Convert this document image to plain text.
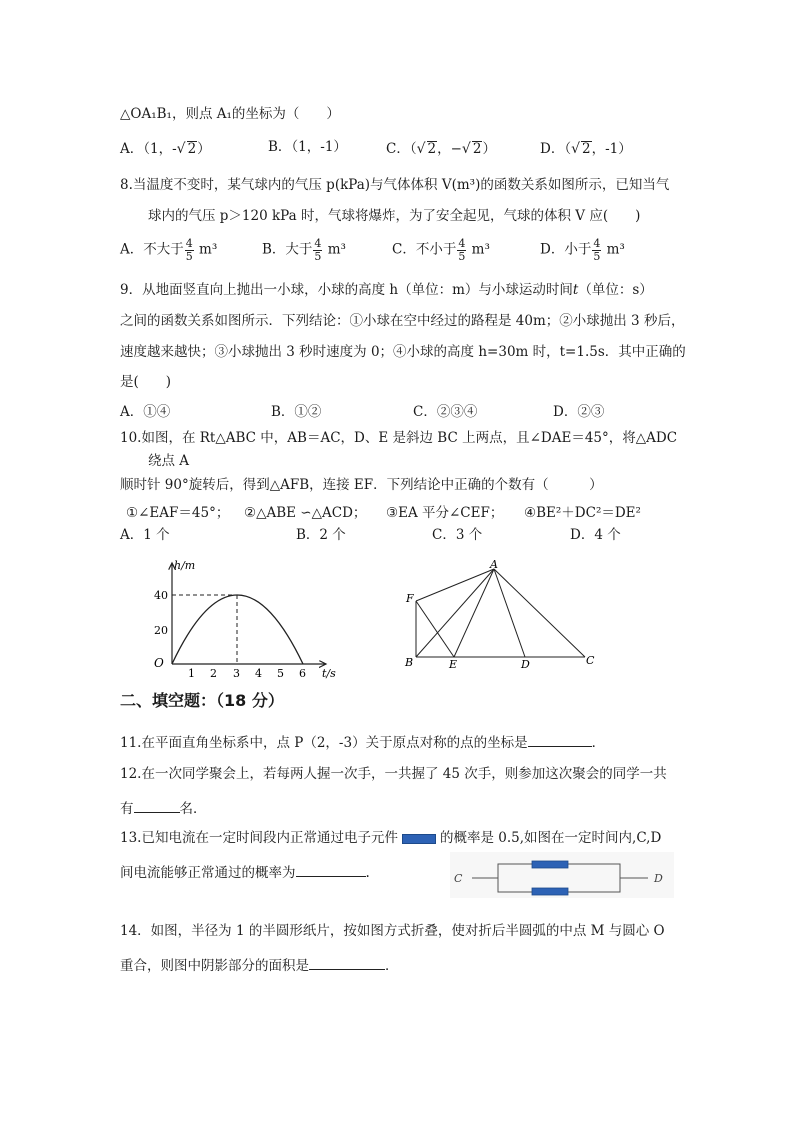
△OA₁B₁，则点 A₁的坐标为（　　）
A．（1，-√ 2）	B．（1，-1）	C．（√ 2，−√ 2）	D．（√ 2，-1）
8.当温度不变时，某气球内的气压 p(kPa)与气体体积 V(m³)的函数关系如图所示，已知当气
球内的气压 p＞120 kPa 时，气球将爆炸，为了安全起见，气球的体积 V 应(　　)
A．不大于 $\frac{4}{5} m^3$	B．大于 $\frac{4}{5} m^3$	C．不小于 $\frac{4}{5} m^3$	D．小于 $\frac{4}{5} m^3$
9．从地面竖直向上抛出一小球，小球的高度 h（单位：m）与小球运动时间t（单位：s）
之间的函数关系如图所示．下列结论：①小球在空中经过的路程是 40m；②小球抛出 3 秒后，
速度越来越快；③小球抛出 3 秒时速度为 0；④小球的高度 h=30m 时，t=1.5s．其中正确的
是(　　)
A．①④	B．①②	C．②③④	D．②③
10.如图，在 Rt△ABC 中，AB＝AC，D、E 是斜边 BC 上两点，且∠DAE＝45°，将△ADC
绕点 A
顺时针 90°旋转后，得到△AFB，连接 EF．下列结论中正确的个数有（　　　）
①∠EAF＝45°； ②△ABE ∽△ACD； ③EA 平分∠CEF； ④BE²＋DC²＝DE²
A．1 个	B．2 个	C．3 个	D．4 个
h/m
t/s
O
40
20
1 2 3 4 5 6
A
F
B	E	D	C
二、填空题：（18 分）
11.在平面直角坐标系中，点 P（2，-3）关于原点对称的点的坐标是	．
12.在一次同学聚会上，若每两人握一次手，一共握了 45 次手，则参加这次聚会的同学一共
有	名．
13.已知电流在一定时间段内正常通过电子元件	的概率是 0.5,如图在一定时间内,C,D
间电流能够正常通过的概率为	.	C	D
14．如图，半径为 1 的半圆形纸片，按如图方式折叠，使对折后半圆弧的中点 M 与圆心 O
重合，则图中阴影部分的面积是	．
